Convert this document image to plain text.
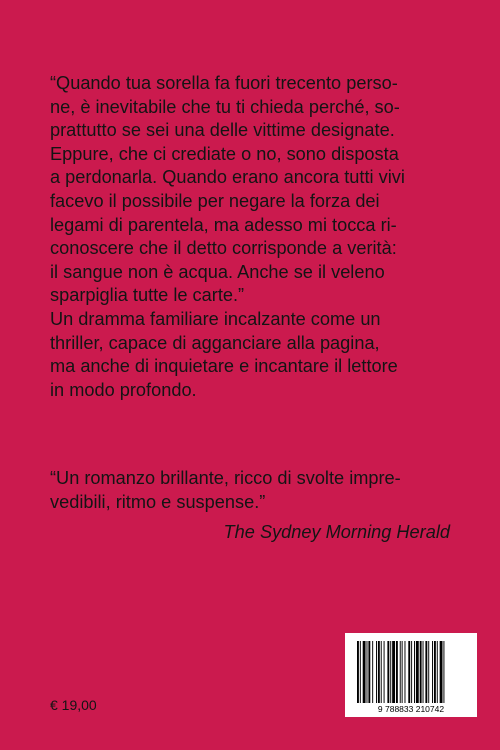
“Quando tua sorella fa fuori trecento perso-

ne, è inevitabile che tu ti chieda perché, so-

prattutto se sei una delle vittime designate.

Eppure, che ci crediate o no, sono disposta

a perdonarla. Quando erano ancora tutti vivi

facevo il possibile per negare la forza dei

legami di parentela, ma adesso mi tocca ri-

conoscere che il detto corrisponde a verità:

il sangue non è acqua. Anche se il veleno

sparpiglia tutte le carte.”

Un dramma familiare incalzante come un

thriller, capace di agganciare alla pagina,

ma anche di inquietare e incantare il lettore

in modo profondo.

“Un romanzo brillante, ricco di svolte impre-

vedibili, ritmo e suspense.”

The Sydney Morning Herald
€ 19,00	9 788833 210742
